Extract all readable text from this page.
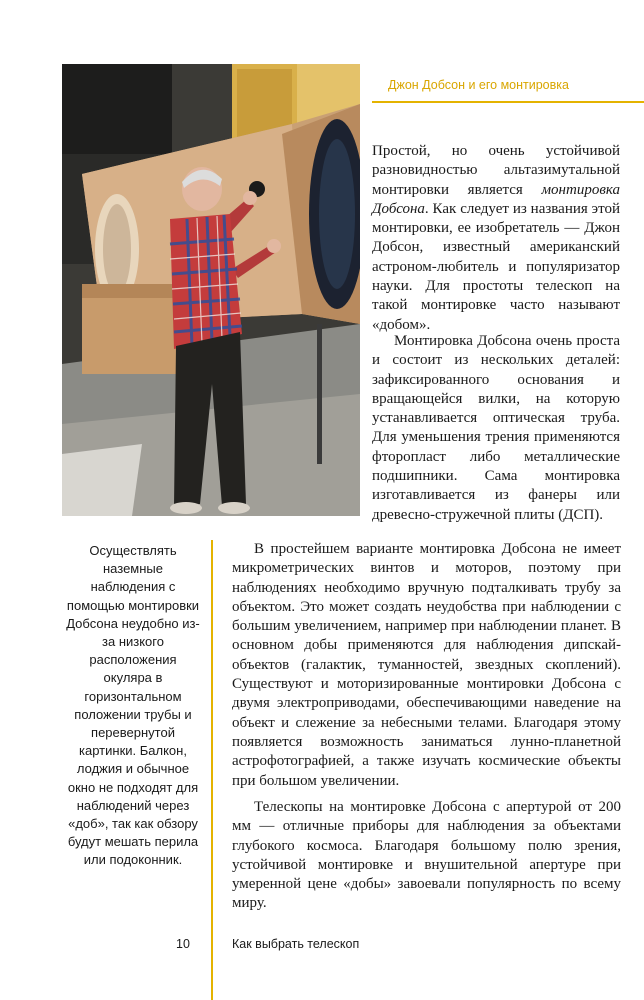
Джон Добсон и его монтировка

Простой, но очень устойчивой разновидностью альтазимутальной монтировки является монтировка Добсона. Как следует из названия этой монтировки, ее изобретатель — Джон Добсон, известный американский астроном-любитель и популяризатор науки. Для простоты телескоп на такой монтировке часто называют «добом».

Монтировка Добсона очень проста и состоит из нескольких деталей: зафиксированного основания и вращающейся вилки, на которую устанавливается оптическая труба. Для уменьшения трения применяются фторопласт либо металлические подшипники. Сама монтировка изготавливается из фанеры или древесно-стружечной плиты (ДСП).

В простейшем варианте монтировка Добсона не имеет микрометрических винтов и моторов, поэтому при наблюдениях необходимо вручную подталкивать трубу за объектом. Это может создать неудобства при наблюдении с большим увеличением, например при наблюдении планет. В основном добы применяются для наблюдения дипскай-объектов (галактик, туманностей, звездных скоплений). Существуют и моторизированные монтировки Добсона с двумя электроприводами, обеспечивающими наведение на объект и слежение за небесными телами. Благодаря этому появляется возможность заниматься лунно-планетной астрофотографией, а также изучать космические объекты при большом увеличении.

Телескопы на монтировке Добсона с апертурой от 200 мм — отличные приборы для наблюдения за объектами глубокого космоса. Благодаря большому полю зрения, устойчивой монтировке и внушительной апертуре при умеренной цене «добы» завоевали популярность по всему миру.

Осуществлять наземные наблюдения с помощью монтировки Добсона неудобно из-за низкого расположения окуляра в горизонтальном положении трубы и перевернутой картинки. Балкон, лоджия и обычное окно не подходят для наблюдений через «доб», так как обзору будут мешать перила или подоконник.

10	Как выбрать телескоп
